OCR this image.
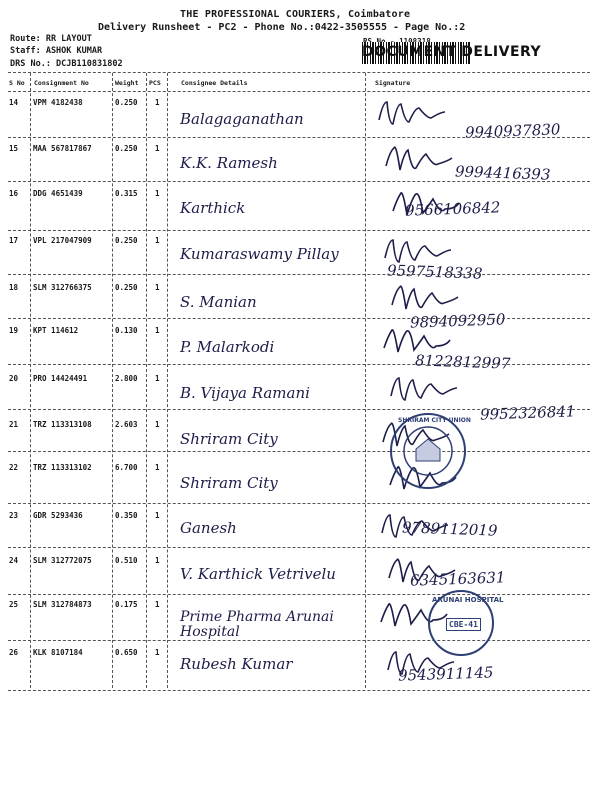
THE PROFESSIONAL COURIERS, Coimbatore
Delivery Runsheet - PC2 - Phone No.:0422-3505555 - Page No.:2
Route: RR LAYOUT
Staff: ASHOK KUMAR
DRS No.: DCJB110831802
DOCUMENT DELIVERY
S No Consignment No	Weight PCS	Consignee Details	Signature
14 VPM 4182438	0.250 1
Balagaganathan
9940937830
15 MAA 567817867	0.250 1
K.K. Ramesh	9994416393
16 DDG 4651439	0.315 1
Karthick	9566106842
17 VPL 217047909	0.250 1
Kumaraswamy Pillay
9597518338
18 SLM 312766375	0.250 1
S. Manian
9894092950
19 KPT 114612	0.130 1
P. Malarkodi
8122812997
20 PRO 14424491	2.800 1
B. Vijaya Ramani
9952326841
21 TRZ 113313108	2.603 1
Shriram City
22 TRZ 113313102	6.700 1
Shriram City
23 GDR 5293436	0.350 1
Ganesh	9789112019
24 SLM 312772075	0.510 1
V. Karthick Vetrivelu	6345163631
25 SLM 312784873	0.175 1
Prime Pharma Arunai Hospital
26 KLK 8107184	0.650 1
Rubesh Kumar	9543911145
SHRIRAM CITY UNION
ARUNAI HOSPITAL
CBE-41
